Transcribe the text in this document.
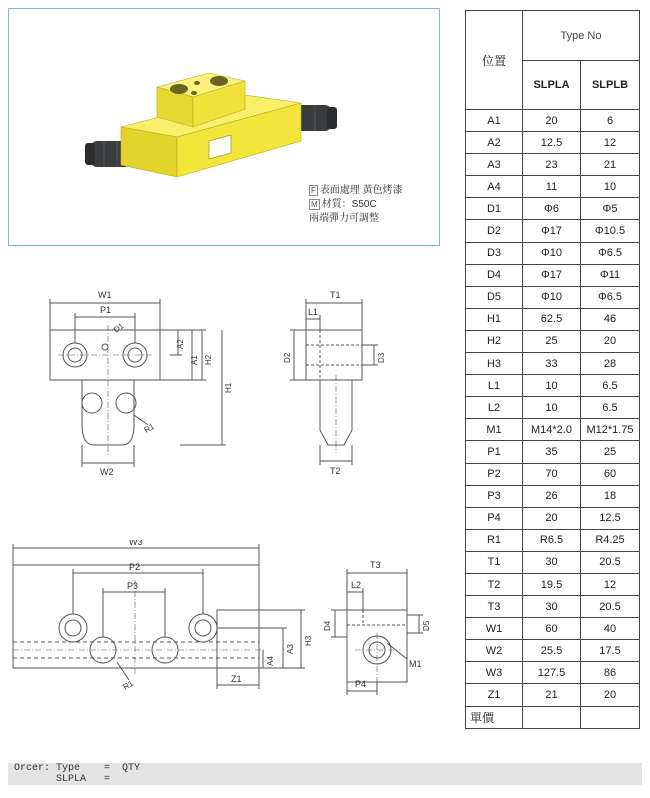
F 表面處理 黃色烤漆
M 材質：S50C
兩端彈力可調整
W1
P1
D1
A2
A1 H2
H1
R1
W2
T1
L1
D2	D3
T2
W3
P2
P3
R1	Z1
A4
A3
H3
T3
L2
D4	D5
M1
P4
位置	Type No	
	SLPLA	SLPLB
A1	20	6
A2	12.5	12
A3	23	21
A4	11	10
D1	Φ6	Φ5
D2	Φ17	Φ10.5
D3	Φ10	Φ6.5
D4	Φ17	Φ11
D5	Φ10	Φ6.5
H1	62.5	46
H2	25	20
H3	33	28
L1	10	6.5
L2	10	6.5
M1	M14*2.0	M12*1.75
P1	35	25
P2	70	60
P3	26	18
P4	20	12.5
R1	R6.5	R4.25
T1	30	20.5
T2	19.5	12
T3	30	20.5
W1	60	40
W2	25.5	17.5
W3	127.5	86
Z1	21	20
單價		
Orcer: Type    =  QTY
SLPLA   =
